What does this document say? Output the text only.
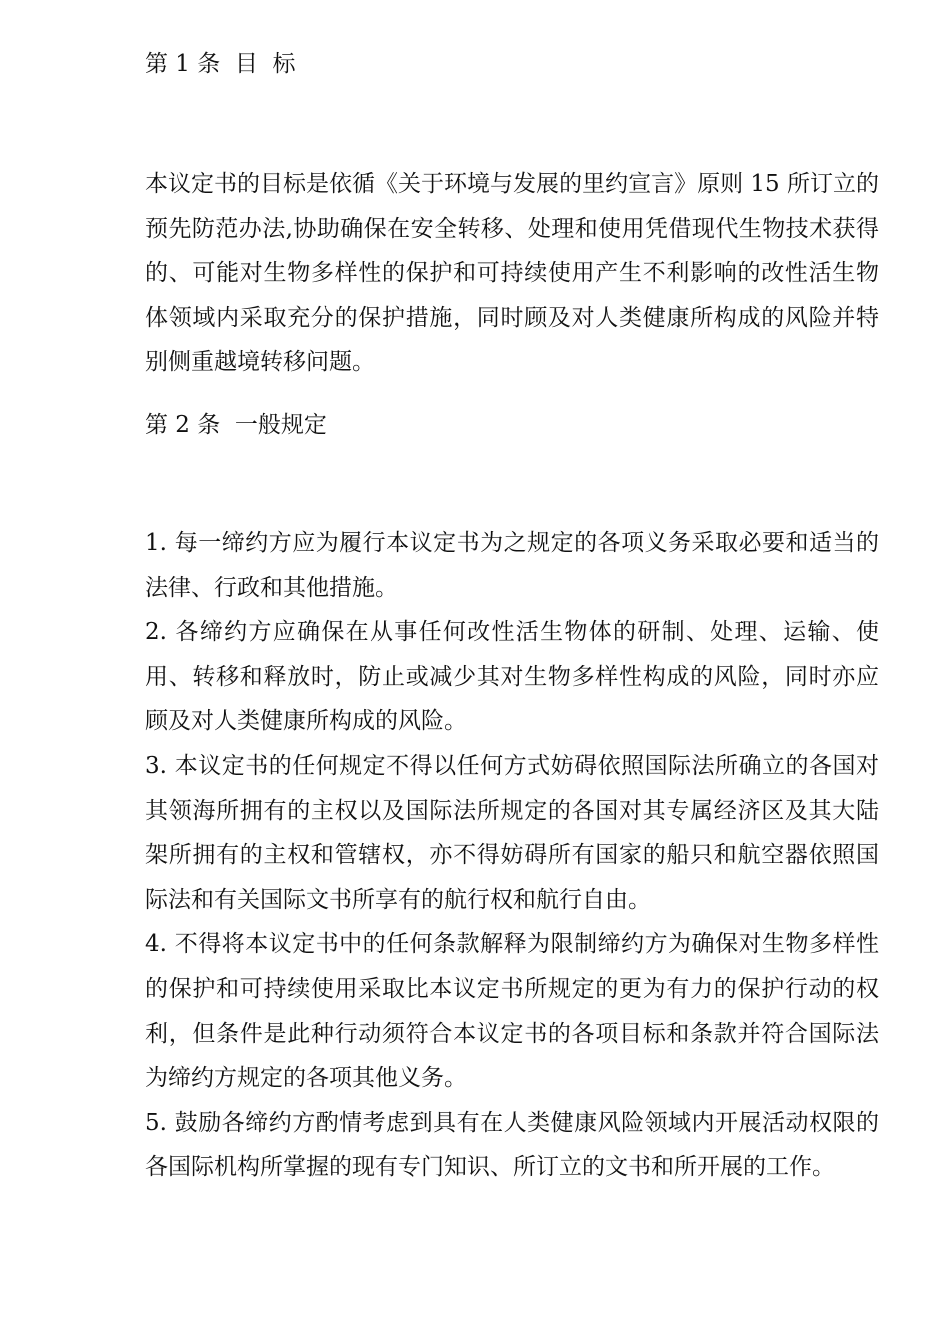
第 1 条  目  标

本议定书的目标是依循《关于环境与发展的里约宣言》原则 15 所订立的预先防范办法,协助确保在安全转移、处理和使用凭借现代生物技术获得的、可能对生物多样性的保护和可持续使用产生不利影响的改性活生物体领域内采取充分的保护措施，同时顾及对人类健康所构成的风险并特别侧重越境转移问题。

第 2 条  一般规定

1. 每一缔约方应为履行本议定书为之规定的各项义务采取必要和适当的法律、行政和其他措施。

2. 各缔约方应确保在从事任何改性活生物体的研制、处理、运输、使用、转移和释放时，防止或减少其对生物多样性构成的风险，同时亦应顾及对人类健康所构成的风险。

3. 本议定书的任何规定不得以任何方式妨碍依照国际法所确立的各国对其领海所拥有的主权以及国际法所规定的各国对其专属经济区及其大陆架所拥有的主权和管辖权，亦不得妨碍所有国家的船只和航空器依照国际法和有关国际文书所享有的航行权和航行自由。

4. 不得将本议定书中的任何条款解释为限制缔约方为确保对生物多样性的保护和可持续使用采取比本议定书所规定的更为有力的保护行动的权利，但条件是此种行动须符合本议定书的各项目标和条款并符合国际法为缔约方规定的各项其他义务。

5. 鼓励各缔约方酌情考虑到具有在人类健康风险领域内开展活动权限的各国际机构所掌握的现有专门知识、所订立的文书和所开展的工作。
